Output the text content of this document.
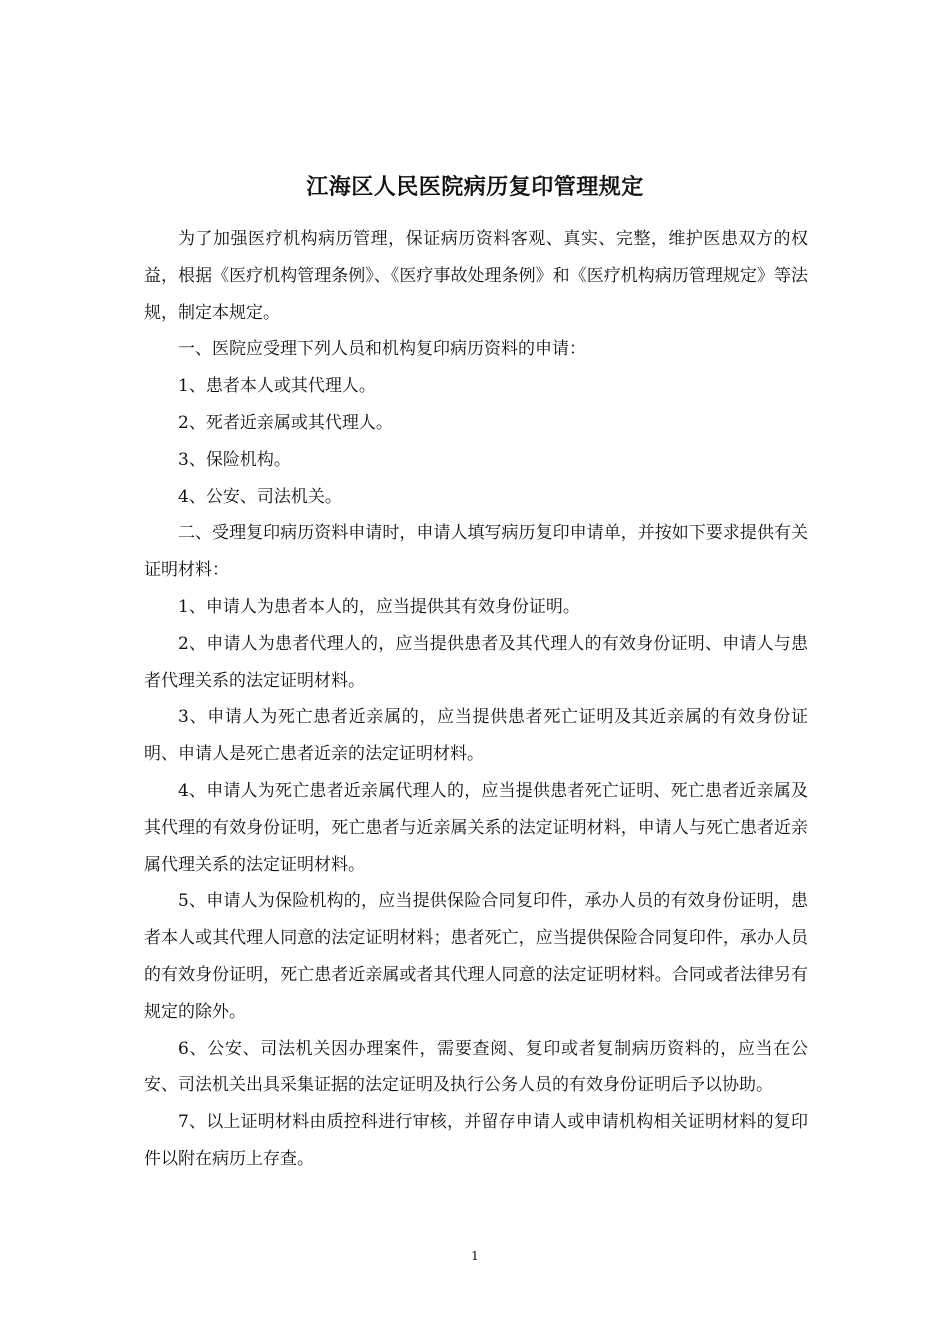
江海区人民医院病历复印管理规定

为了加强医疗机构病历管理，保证病历资料客观、真实、完整，维护医患双方的权益，根据《医疗机构管理条例》、《医疗事故处理条例》和《医疗机构病历管理规定》等法规，制定本规定。

一、医院应受理下列人员和机构复印病历资料的申请：

1、患者本人或其代理人。

2、死者近亲属或其代理人。

3、保险机构。

4、公安、司法机关。

二、受理复印病历资料申请时，申请人填写病历复印申请单，并按如下要求提供有关证明材料：

1、申请人为患者本人的，应当提供其有效身份证明。

2、申请人为患者代理人的，应当提供患者及其代理人的有效身份证明、申请人与患者代理关系的法定证明材料。

3、申请人为死亡患者近亲属的，应当提供患者死亡证明及其近亲属的有效身份证明、申请人是死亡患者近亲的法定证明材料。

4、申请人为死亡患者近亲属代理人的，应当提供患者死亡证明、死亡患者近亲属及其代理的有效身份证明，死亡患者与近亲属关系的法定证明材料，申请人与死亡患者近亲属代理关系的法定证明材料。

5、申请人为保险机构的，应当提供保险合同复印件，承办人员的有效身份证明，患者本人或其代理人同意的法定证明材料；患者死亡，应当提供保险合同复印件，承办人员的有效身份证明，死亡患者近亲属或者其代理人同意的法定证明材料。合同或者法律另有规定的除外。

6、公安、司法机关因办理案件，需要查阅、复印或者复制病历资料的，应当在公安、司法机关出具采集证据的法定证明及执行公务人员的有效身份证明后予以协助。

7、以上证明材料由质控科进行审核，并留存申请人或申请机构相关证明材料的复印件以附在病历上存查。

1
